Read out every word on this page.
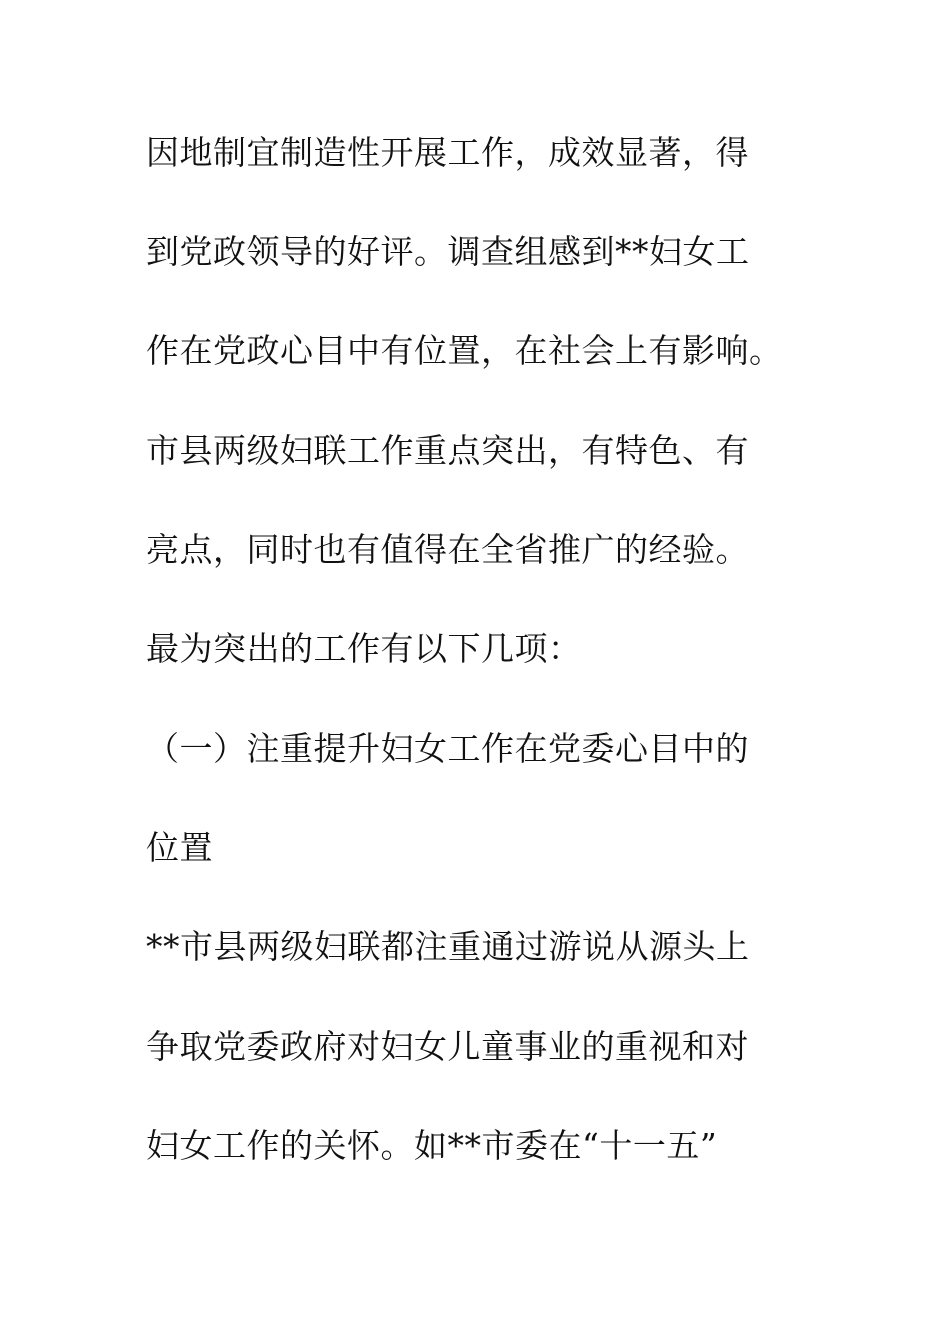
因地制宜制造性开展工作，成效显著，得
到党政领导的好评。调查组感到**妇女工
作在党政心目中有位置，在社会上有影响。
市县两级妇联工作重点突出，有特色、有
亮点，同时也有值得在全省推广的经验。
最为突出的工作有以下几项：
（一）注重提升妇女工作在党委心目中的
位置
**市县两级妇联都注重通过游说从源头上
争取党委政府对妇女儿童事业的重视和对
妇女工作的关怀。如**市委在“十一五”
